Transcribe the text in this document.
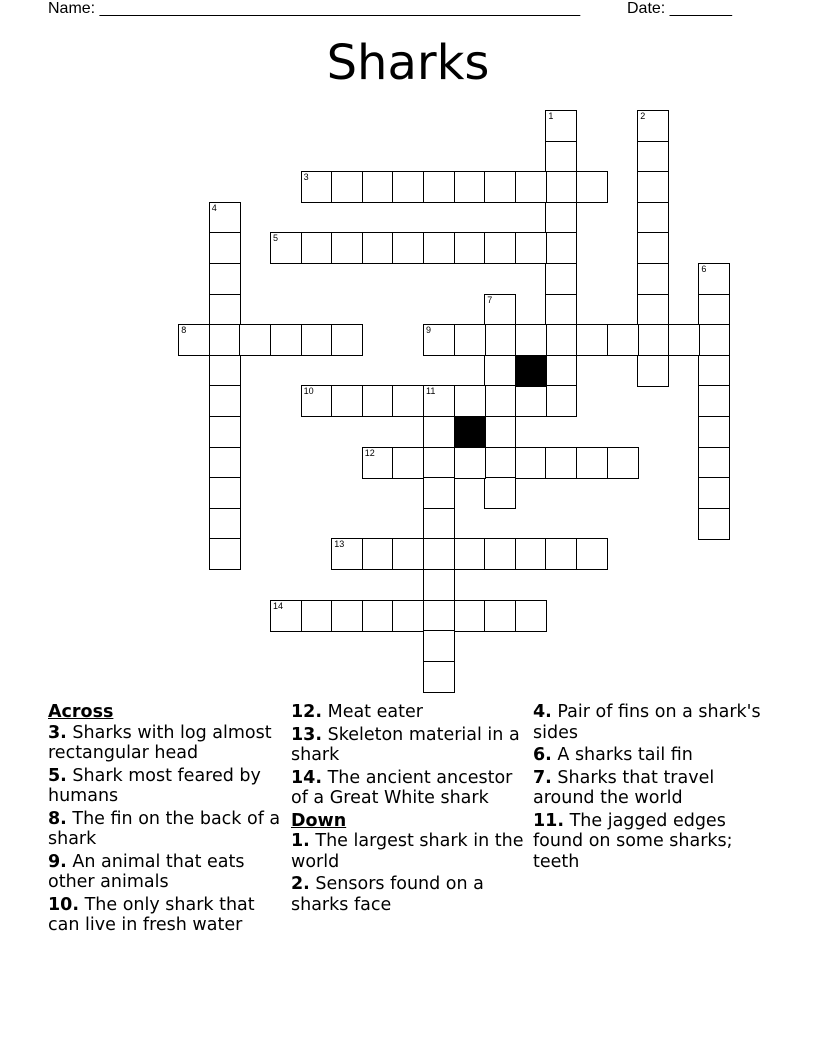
Name: ______________________________________________________	Date: _______
Sharks
1	2
3
4
5
6
7
8	9
10	11
12
13
14
Across
3. Sharks with log almost rectangular head
5. Shark most feared by humans
8. The fin on the back of a shark
9. An animal that eats other animals
10. The only shark that can live in fresh water
12. Meat eater
13. Skeleton material in a shark
14. The ancient ancestor of a Great White shark
Down
1. The largest shark in the world
2. Sensors found on a sharks face
4. Pair of fins on a shark's sides
6. A sharks tail fin
7. Sharks that travel around the world
11. The jagged edges found on some sharks; teeth
